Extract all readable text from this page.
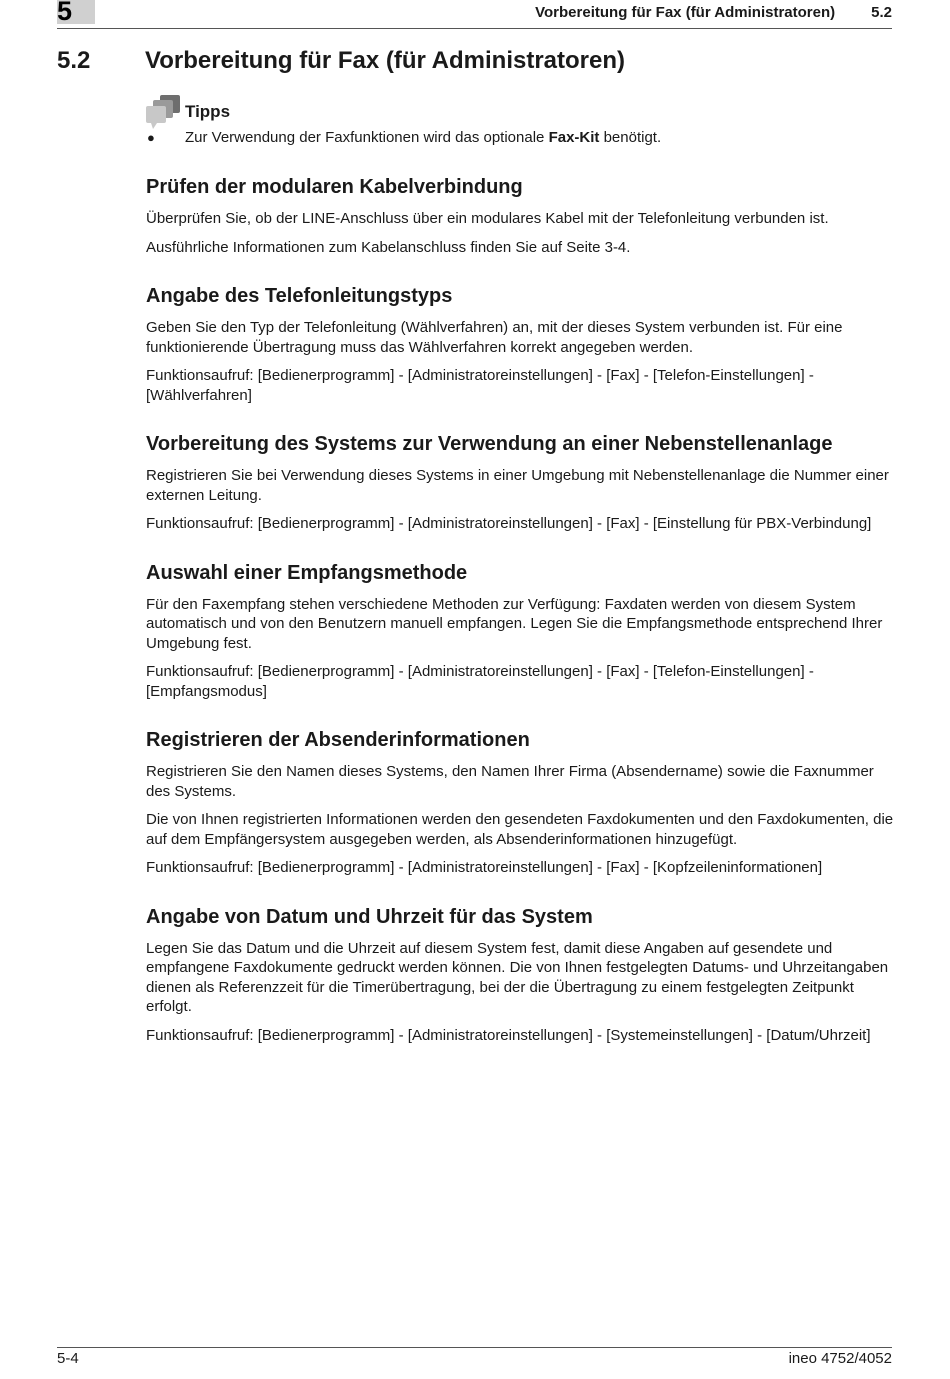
5	Vorbereitung für Fax (für Administratoren) 5.2
5.2 Vorbereitung für Fax (für Administratoren)
Tipps
● Zur Verwendung der Faxfunktionen wird das optionale Fax-Kit benötigt.
Prüfen der modularen Kabelverbindung

Überprüfen Sie, ob der LINE-Anschluss über ein modulares Kabel mit der Telefonleitung verbunden ist.

Ausführliche Informationen zum Kabelanschluss finden Sie auf Seite 3-4.

Angabe des Telefonleitungstyps

Geben Sie den Typ der Telefonleitung (Wählverfahren) an, mit der dieses System verbunden ist. Für eine funktionierende Übertragung muss das Wählverfahren korrekt angegeben werden.

Funktionsaufruf: [Bedienerprogramm] - [Administratoreinstellungen] - [Fax] - [Telefon-Einstellungen] - [Wählverfahren]

Vorbereitung des Systems zur Verwendung an einer Nebenstellenanlage

Registrieren Sie bei Verwendung dieses Systems in einer Umgebung mit Nebenstellenanlage die Nummer einer externen Leitung.

Funktionsaufruf: [Bedienerprogramm] - [Administratoreinstellungen] - [Fax] - [Einstellung für PBX-Verbindung]

Auswahl einer Empfangsmethode

Für den Faxempfang stehen verschiedene Methoden zur Verfügung: Faxdaten werden von diesem System automatisch und von den Benutzern manuell empfangen. Legen Sie die Empfangsmethode entsprechend Ihrer Umgebung fest.

Funktionsaufruf: [Bedienerprogramm] - [Administratoreinstellungen] - [Fax] - [Telefon-Einstellungen] - [Empfangsmodus]

Registrieren der Absenderinformationen

Registrieren Sie den Namen dieses Systems, den Namen Ihrer Firma (Absendername) sowie die Faxnummer des Systems.

Die von Ihnen registrierten Informationen werden den gesendeten Faxdokumenten und den Faxdokumenten, die auf dem Empfängersystem ausgegeben werden, als Absenderinformationen hinzugefügt.

Funktionsaufruf: [Bedienerprogramm] - [Administratoreinstellungen] - [Fax] - [Kopfzeileninformationen]

Angabe von Datum und Uhrzeit für das System

Legen Sie das Datum und die Uhrzeit auf diesem System fest, damit diese Angaben auf gesendete und empfangene Faxdokumente gedruckt werden können. Die von Ihnen festgelegten Datums- und Uhrzeitangaben dienen als Referenzzeit für die Timerübertragung, bei der die Übertragung zu einem festgelegten Zeitpunkt erfolgt.

Funktionsaufruf: [Bedienerprogramm] - [Administratoreinstellungen] - [Systemeinstellungen] - [Datum/Uhrzeit]

5-4	ineo 4752/4052
